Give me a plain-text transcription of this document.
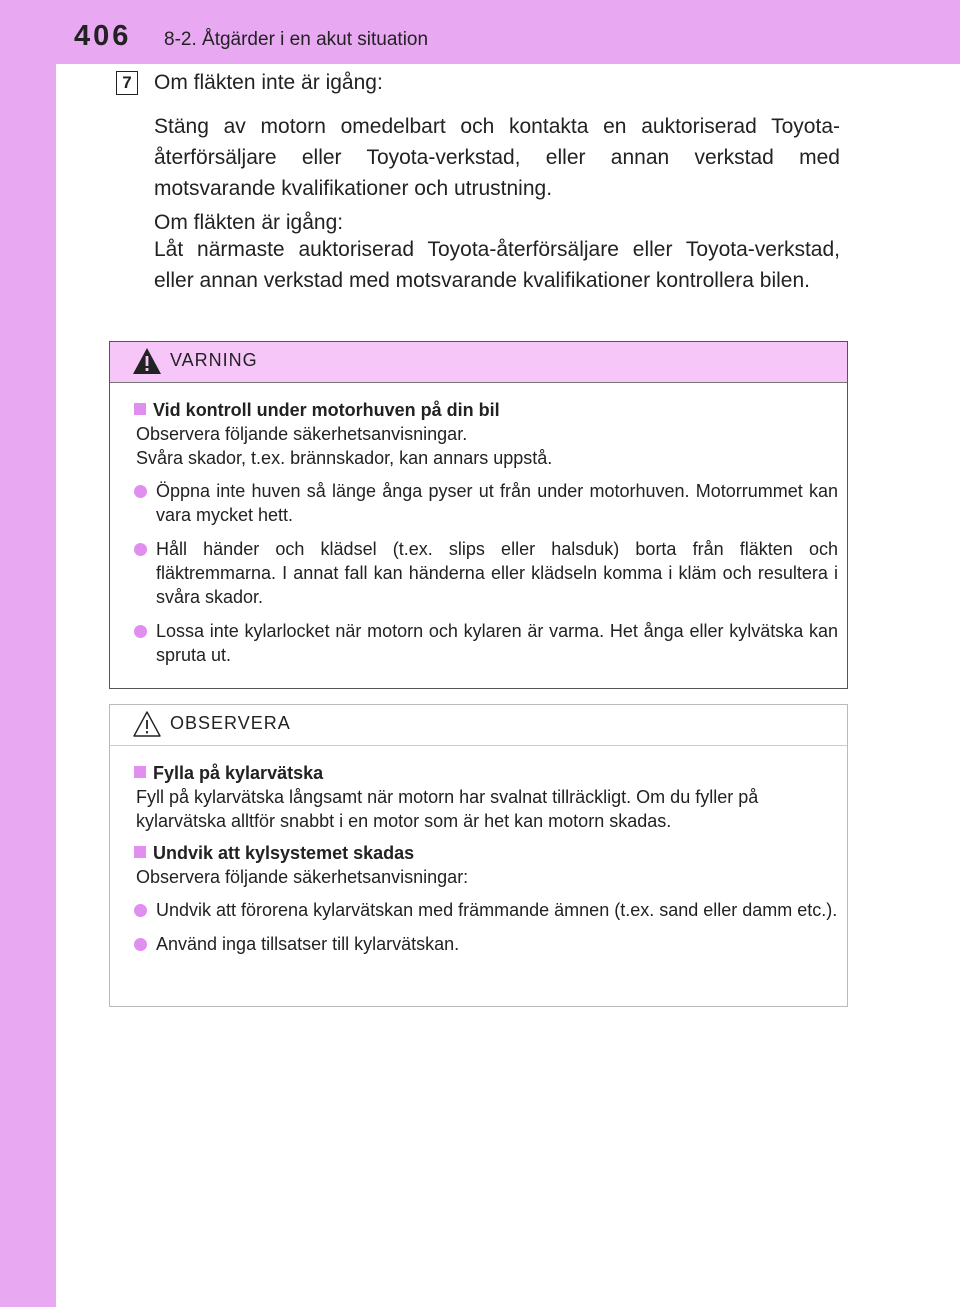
406 8-2. Åtgärder i en akut situation
7 Om fläkten inte är igång:

Stäng av motorn omedelbart och kontakta en auktoriserad Toyota-återförsäljare eller Toyota-verkstad, eller annan verkstad med motsvarande kvalifikationer och utrustning.

Om fläkten är igång:

Låt närmaste auktoriserad Toyota-återförsäljare eller Toyota-verkstad, eller annan verkstad med motsvarande kvalifikationer kontrollera bilen.

VARNING

Vid kontroll under motorhuven på din bil

Observera följande säkerhetsanvisningar.

Svåra skador, t.ex. brännskador, kan annars uppstå.

Öppna inte huven så länge ånga pyser ut från under motorhuven. Motorrummet kan vara mycket hett.

Håll händer och klädsel (t.ex. slips eller halsduk) borta från fläkten och fläktremmarna. I annat fall kan händerna eller klädseln komma i kläm och resultera i svåra skador.

Lossa inte kylarlocket när motorn och kylaren är varma. Het ånga eller kylvätska kan spruta ut.

OBSERVERA

Fylla på kylarvätska

Fyll på kylarvätska långsamt när motorn har svalnat tillräckligt. Om du fyller på kylarvätska alltför snabbt i en motor som är het kan motorn skadas.

Undvik att kylsystemet skadas

Observera följande säkerhetsanvisningar:

Undvik att förorena kylarvätskan med främmande ämnen (t.ex. sand eller damm etc.).

Använd inga tillsatser till kylarvätskan.
